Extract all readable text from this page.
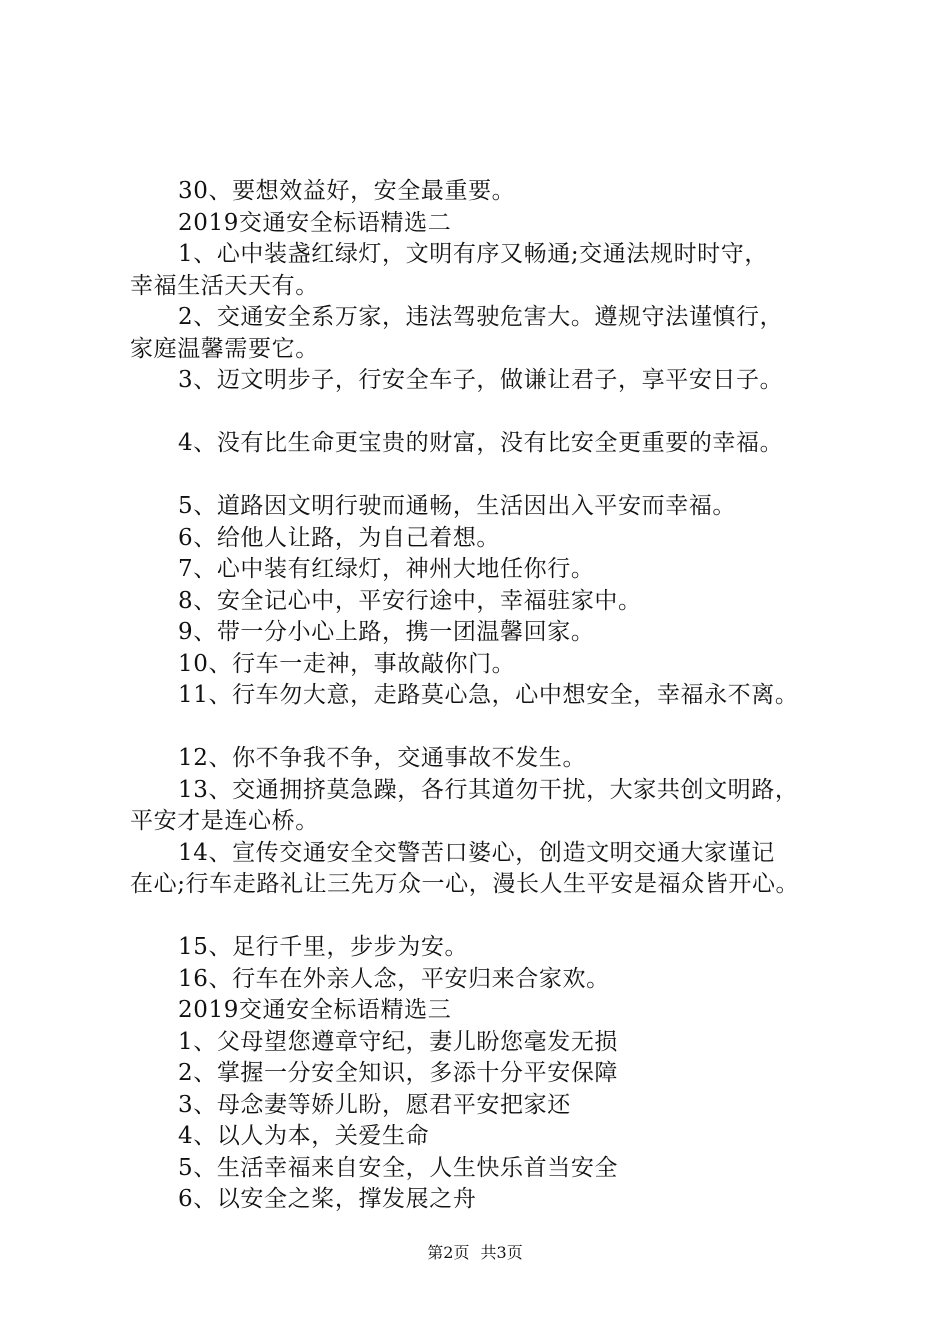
30、要想效益好，安全最重要。
2019交通安全标语精选二
1、心中装盏红绿灯，文明有序又畅通;交通法规时时守，
幸福生活天天有。
2、交通安全系万家，违法驾驶危害大。遵规守法谨慎行，
家庭温馨需要它。
3、迈文明步子，行安全车子，做谦让君子，享平安日子。
4、没有比生命更宝贵的财富，没有比安全更重要的幸福。
5、道路因文明行驶而通畅，生活因出入平安而幸福。
6、给他人让路，为自己着想。
7、心中装有红绿灯，神州大地任你行。
8、安全记心中，平安行途中，幸福驻家中。
9、带一分小心上路，携一团温馨回家。
10、行车一走神，事故敲你门。
11、行车勿大意，走路莫心急，心中想安全，幸福永不离。
12、你不争我不争，交通事故不发生。
13、交通拥挤莫急躁，各行其道勿干扰，大家共创文明路，
平安才是连心桥。
14、宣传交通安全交警苦口婆心，创造文明交通大家谨记
在心;行车走路礼让三先万众一心，漫长人生平安是福众皆开心。
15、足行千里，步步为安。
16、行车在外亲人念，平安归来合家欢。
2019交通安全标语精选三
1、父母望您遵章守纪，妻儿盼您毫发无损
2、掌握一分安全知识，多添十分平安保障
3、母念妻等娇儿盼，愿君平安把家还
4、以人为本，关爱生命
5、生活幸福来自安全，人生快乐首当安全
6、以安全之桨，撑发展之舟
第2页 共3页
